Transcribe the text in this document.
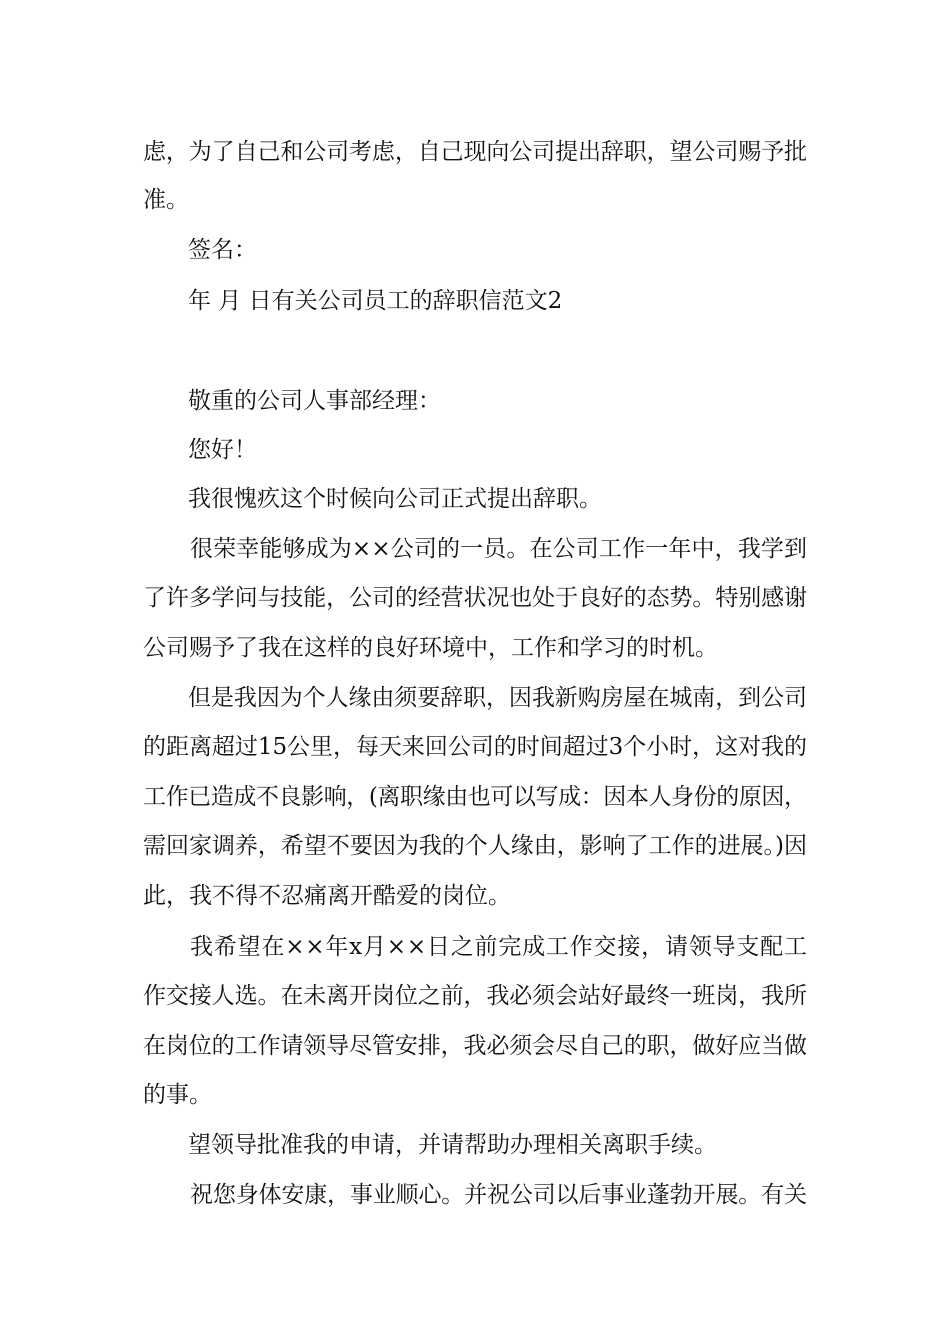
虑，为了自己和公司考虑，自己现向公司提出辞职，望公司赐予批
准。
签名：
年 月 日有关公司员工的辞职信范文2
敬重的公司人事部经理：
您好！
我很愧疚这个时候向公司正式提出辞职。
很荣幸能够成为××公司的一员。在公司工作一年中，我学到
了许多学问与技能，公司的经营状况也处于良好的态势。特别感谢
公司赐予了我在这样的良好环境中，工作和学习的时机。
但是我因为个人缘由须要辞职，因我新购房屋在城南，到公司
的距离超过15公里，每天来回公司的时间超过3个小时，这对我的
工作已造成不良影响，(离职缘由也可以写成：因本人身份的原因，
需回家调养，希望不要因为我的个人缘由，影响了工作的进展。)因
此，我不得不忍痛离开酷爱的岗位。
我希望在××年x月××日之前完成工作交接，请领导支配工
作交接人选。在未离开岗位之前，我必须会站好最终一班岗，我所
在岗位的工作请领导尽管安排，我必须会尽自己的职，做好应当做
的事。
望领导批准我的申请，并请帮助办理相关离职手续。
祝您身体安康，事业顺心。并祝公司以后事业蓬勃开展。有关
